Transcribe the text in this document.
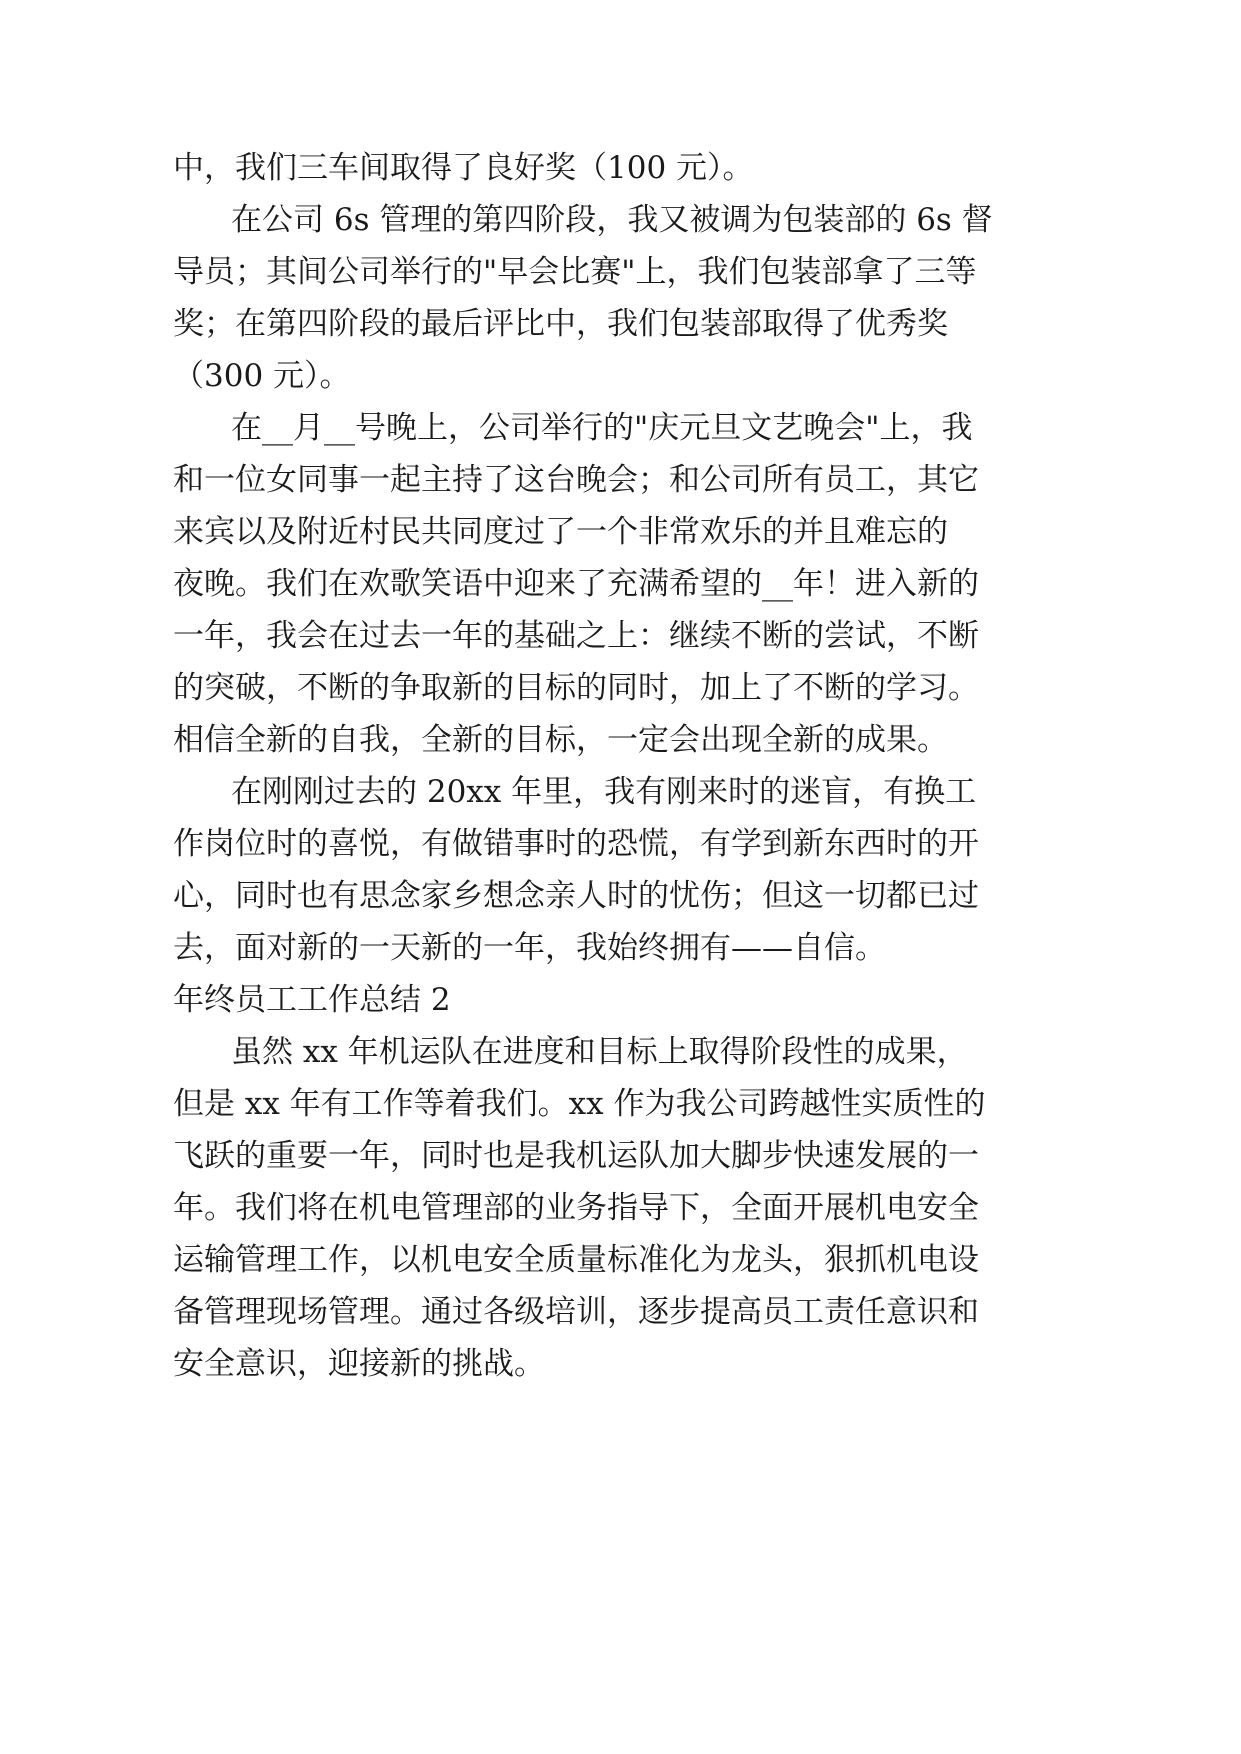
中，我们三车间取得了良好奖（100 元）。
在公司 6s 管理的第四阶段，我又被调为包装部的 6s 督
导员；其间公司举行的"早会比赛"上，我们包装部拿了三等
奖；在第四阶段的最后评比中，我们包装部取得了优秀奖
（300 元）。
在__月__号晚上，公司举行的"庆元旦文艺晚会"上，我
和一位女同事一起主持了这台晚会；和公司所有员工，其它
来宾以及附近村民共同度过了一个非常欢乐的并且难忘的
夜晚。我们在欢歌笑语中迎来了充满希望的__年！进入新的
一年，我会在过去一年的基础之上：继续不断的尝试，不断
的突破，不断的争取新的目标的同时，加上了不断的学习。
相信全新的自我，全新的目标，一定会出现全新的成果。
在刚刚过去的 20xx 年里，我有刚来时的迷盲，有换工
作岗位时的喜悦，有做错事时的恐慌，有学到新东西时的开
心，同时也有思念家乡想念亲人时的忧伤；但这一切都已过
去，面对新的一天新的一年，我始终拥有——自信。
年终员工工作总结 2
虽然 xx 年机运队在进度和目标上取得阶段性的成果，
但是 xx 年有工作等着我们。xx 作为我公司跨越性实质性的
飞跃的重要一年，同时也是我机运队加大脚步快速发展的一
年。我们将在机电管理部的业务指导下，全面开展机电安全
运输管理工作，以机电安全质量标准化为龙头，狠抓机电设
备管理现场管理。通过各级培训，逐步提高员工责任意识和
安全意识，迎接新的挑战。
